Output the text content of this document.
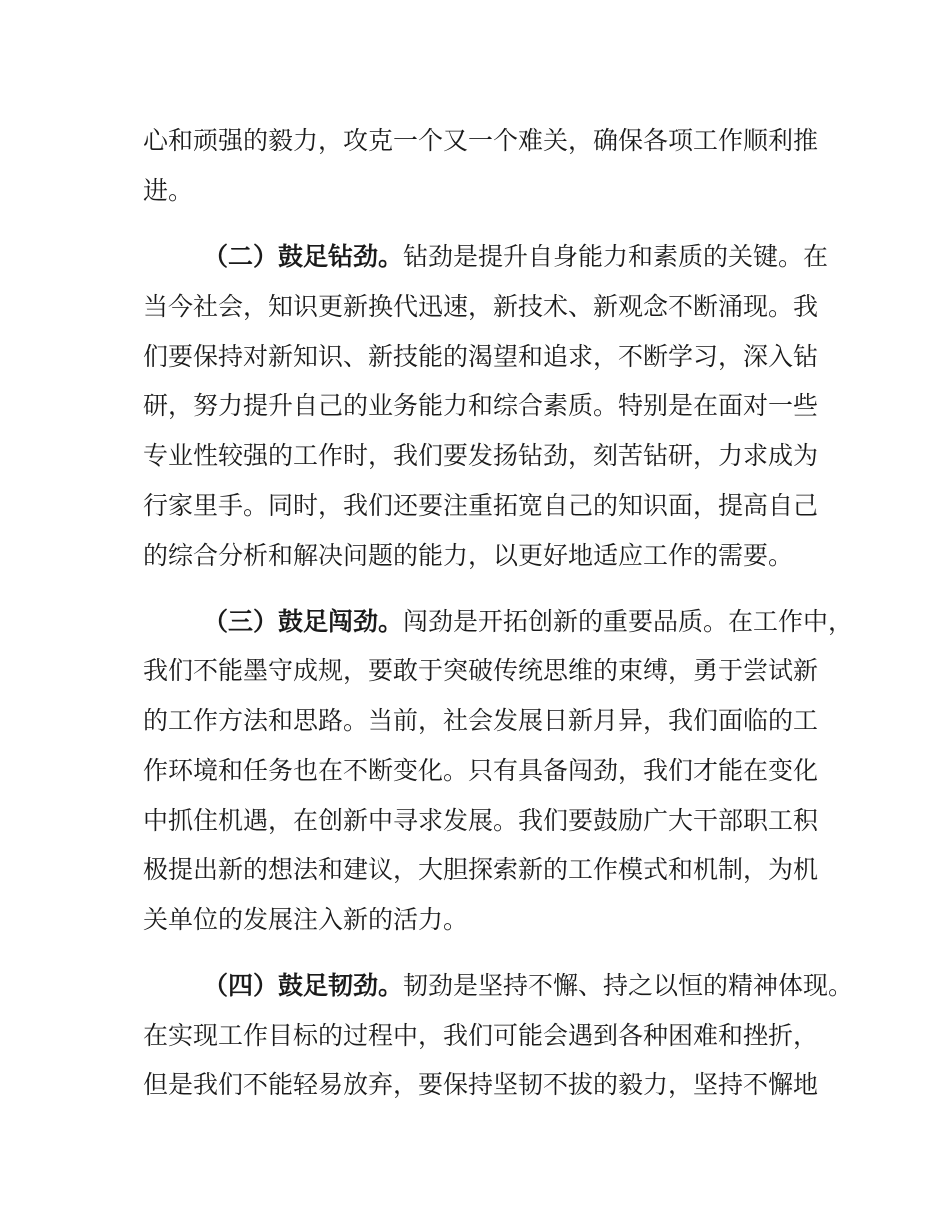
心和顽强的毅力，攻克一个又一个难关，确保各项工作顺利推
进。
（二）鼓足钻劲。钻劲是提升自身能力和素质的关键。在
当今社会，知识更新换代迅速，新技术、新观念不断涌现。我
们要保持对新知识、新技能的渴望和追求，不断学习，深入钻
研，努力提升自己的业务能力和综合素质。特别是在面对一些
专业性较强的工作时，我们要发扬钻劲，刻苦钻研，力求成为
行家里手。同时，我们还要注重拓宽自己的知识面，提高自己
的综合分析和解决问题的能力，以更好地适应工作的需要。
（三）鼓足闯劲。闯劲是开拓创新的重要品质。在工作中，
我们不能墨守成规，要敢于突破传统思维的束缚，勇于尝试新
的工作方法和思路。当前，社会发展日新月异，我们面临的工
作环境和任务也在不断变化。只有具备闯劲，我们才能在变化
中抓住机遇，在创新中寻求发展。我们要鼓励广大干部职工积
极提出新的想法和建议，大胆探索新的工作模式和机制，为机
关单位的发展注入新的活力。
（四）鼓足韧劲。韧劲是坚持不懈、持之以恒的精神体现。
在实现工作目标的过程中，我们可能会遇到各种困难和挫折，
但是我们不能轻易放弃，要保持坚韧不拔的毅力，坚持不懈地
